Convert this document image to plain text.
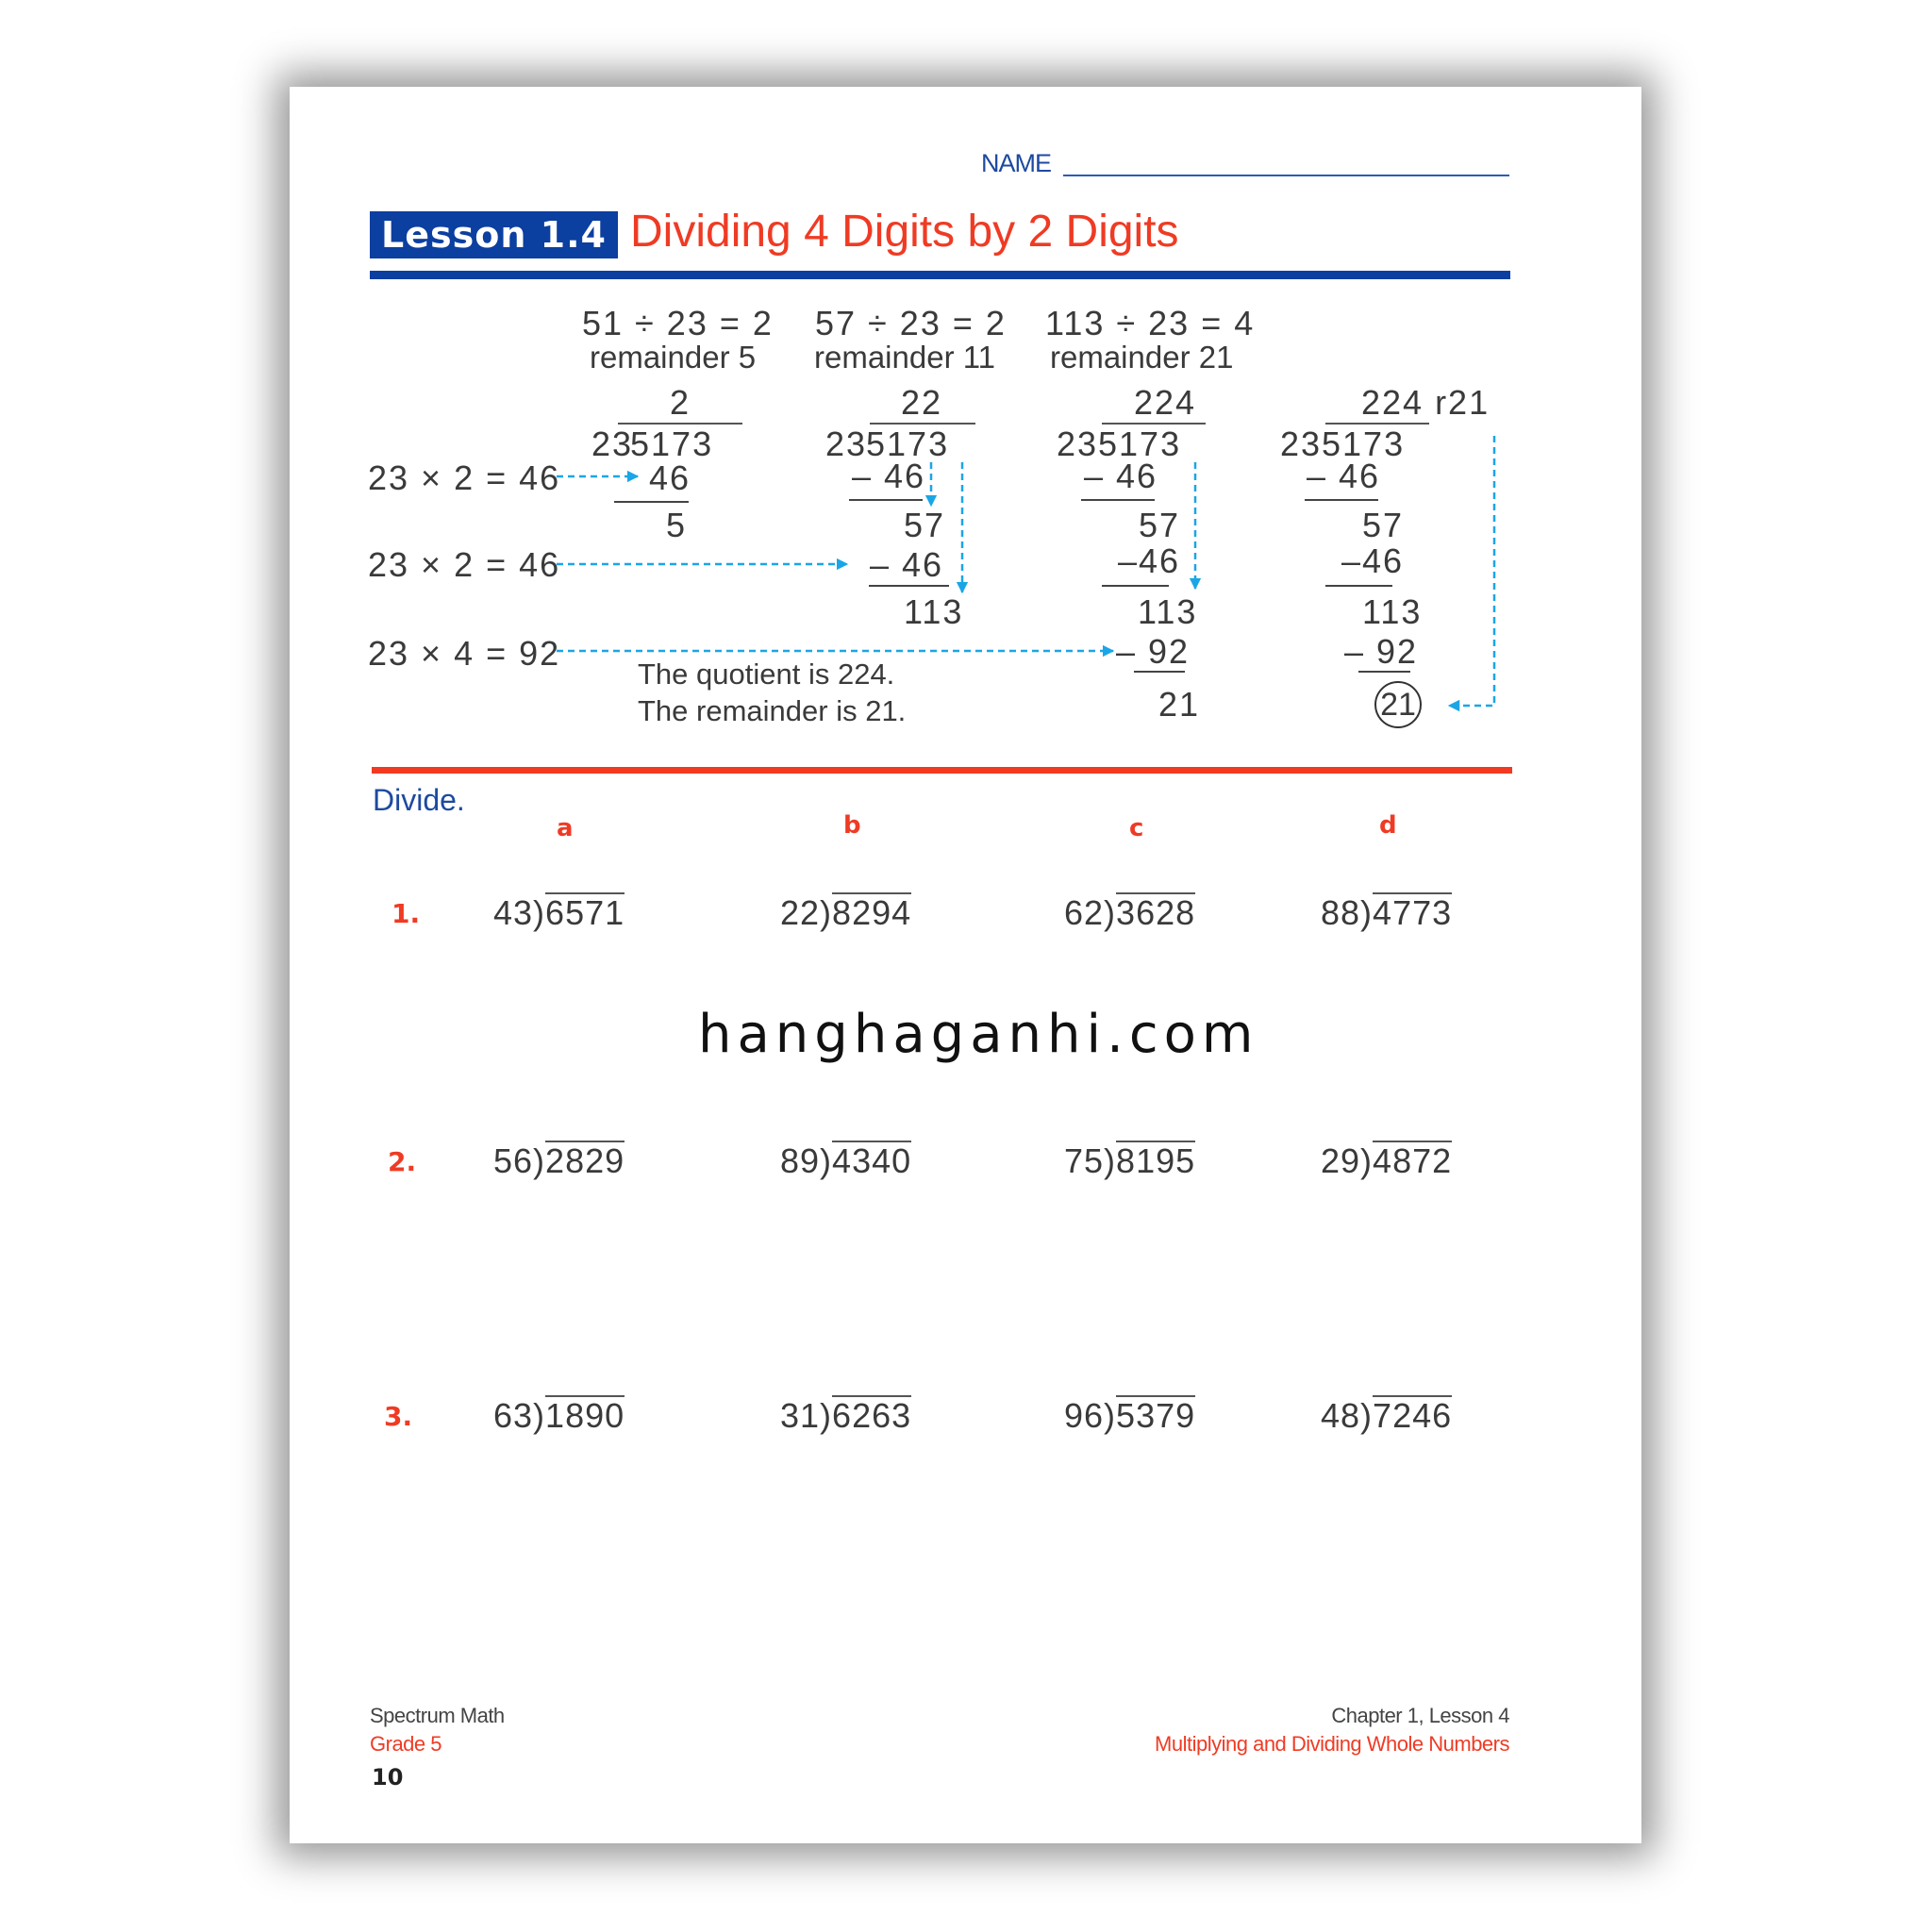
NAME
Lesson 1.4 Dividing 4 Digits by 2 Digits
51 ÷ 23 = 2
remainder 5
57 ÷ 23 = 2
remainder 11
113 ÷ 23 = 4
remainder 21
23 × 2 = 46
23 × 2 = 46
23 × 4 = 92
2
23
5173
46
5
22
23
5173
– 46
57
– 46
113
224
23 5173
– 46
57
–46
113
– 92
21
224 r21
23 5173
– 46
57
–46
113
– 92
21
The quotient is 224.
The remainder is 21.
Divide.
a	b	c	d
1. 43)6571	22)8294	62)3628	88)4773
hanghaganhi.com
2. 56)2829	89)4340	75)8195	29)4872
3. 63)1890	31)6263	96)5379	48)7246
Spectrum Math
Grade 5
10
Chapter 1, Lesson 4
Multiplying and Dividing Whole Numbers
